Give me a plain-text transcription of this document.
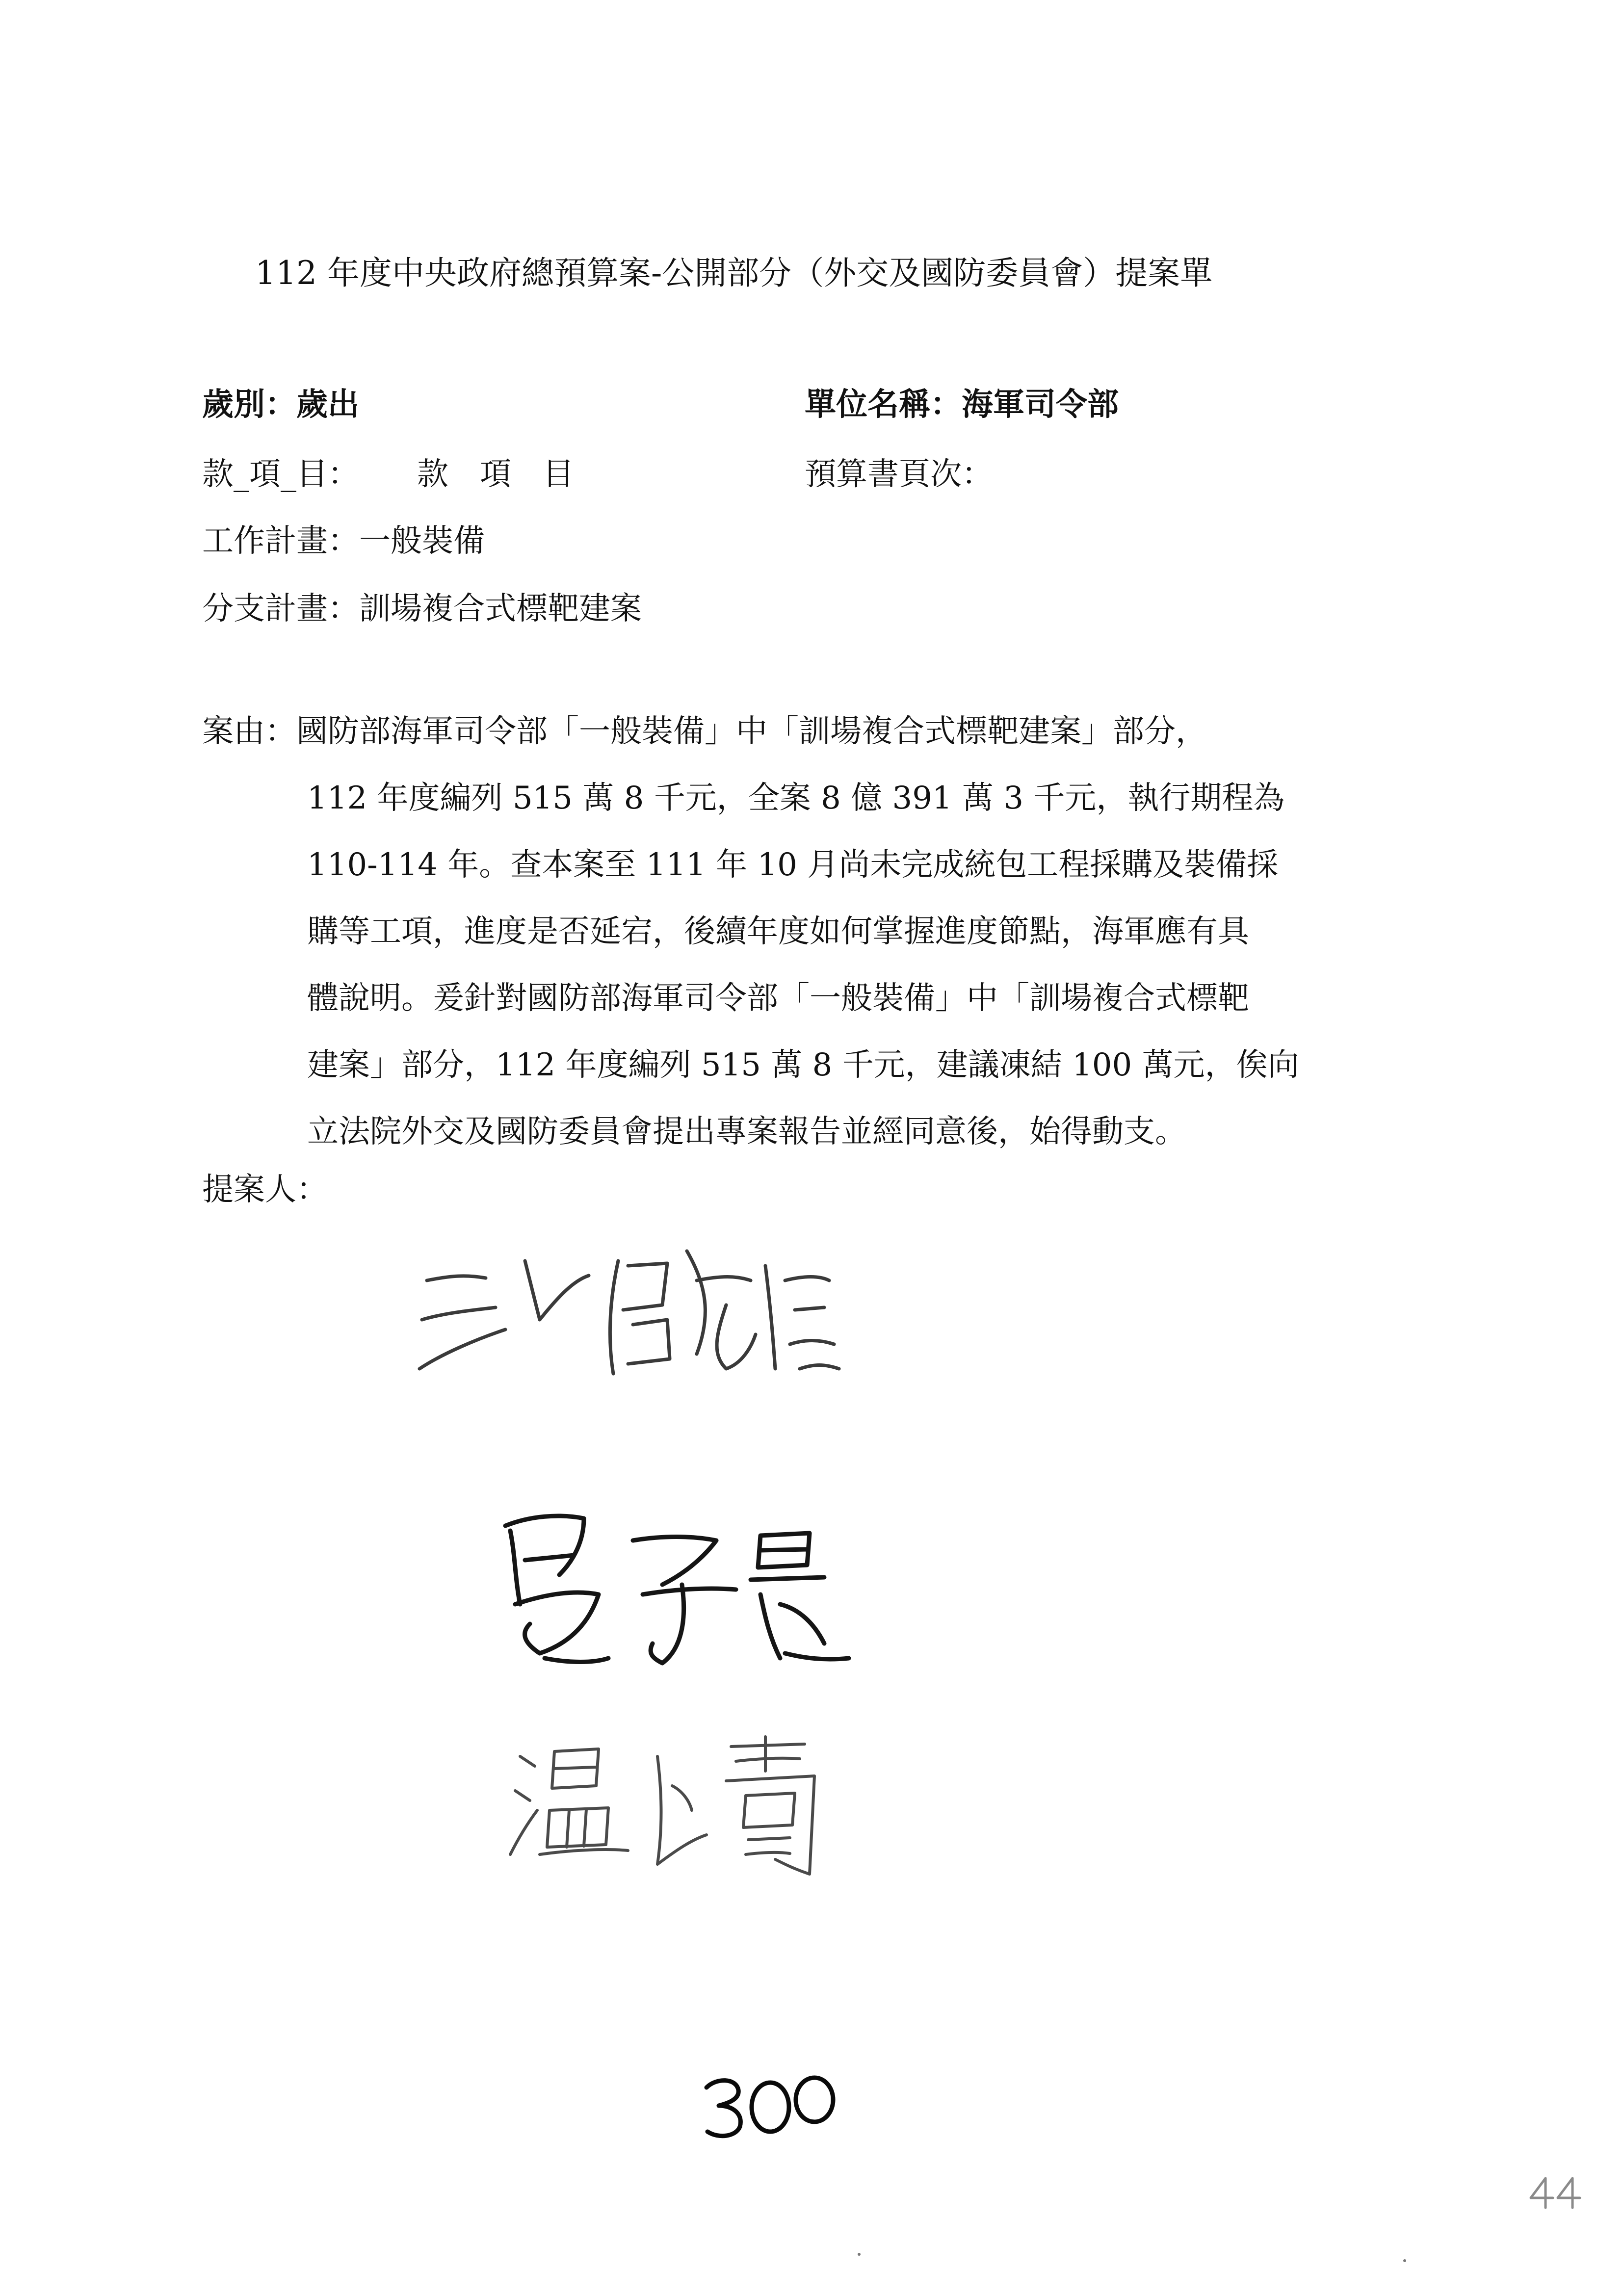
112 年度中央政府總預算案-公開部分（外交及國防委員會）提案單
歲別：歲出	單位名稱：海軍司令部
款_項_目： 款　項　目	預算書頁次：
工作計畫：一般裝備
分支計畫：訓場複合式標靶建案
案由：國防部海軍司令部「一般裝備」中「訓場複合式標靶建案」部分，
112 年度編列 515 萬 8 千元，全案 8 億 391 萬 3 千元，執行期程為
110-114 年。查本案至 111 年 10 月尚未完成統包工程採購及裝備採
購等工項，進度是否延宕，後續年度如何掌握進度節點，海軍應有具
體說明。爰針對國防部海軍司令部「一般裝備」中「訓場複合式標靶
建案」部分，112 年度編列 515 萬 8 千元，建議凍結 100 萬元，俟向
立法院外交及國防委員會提出專案報告並經同意後，始得動支。
提案人：
